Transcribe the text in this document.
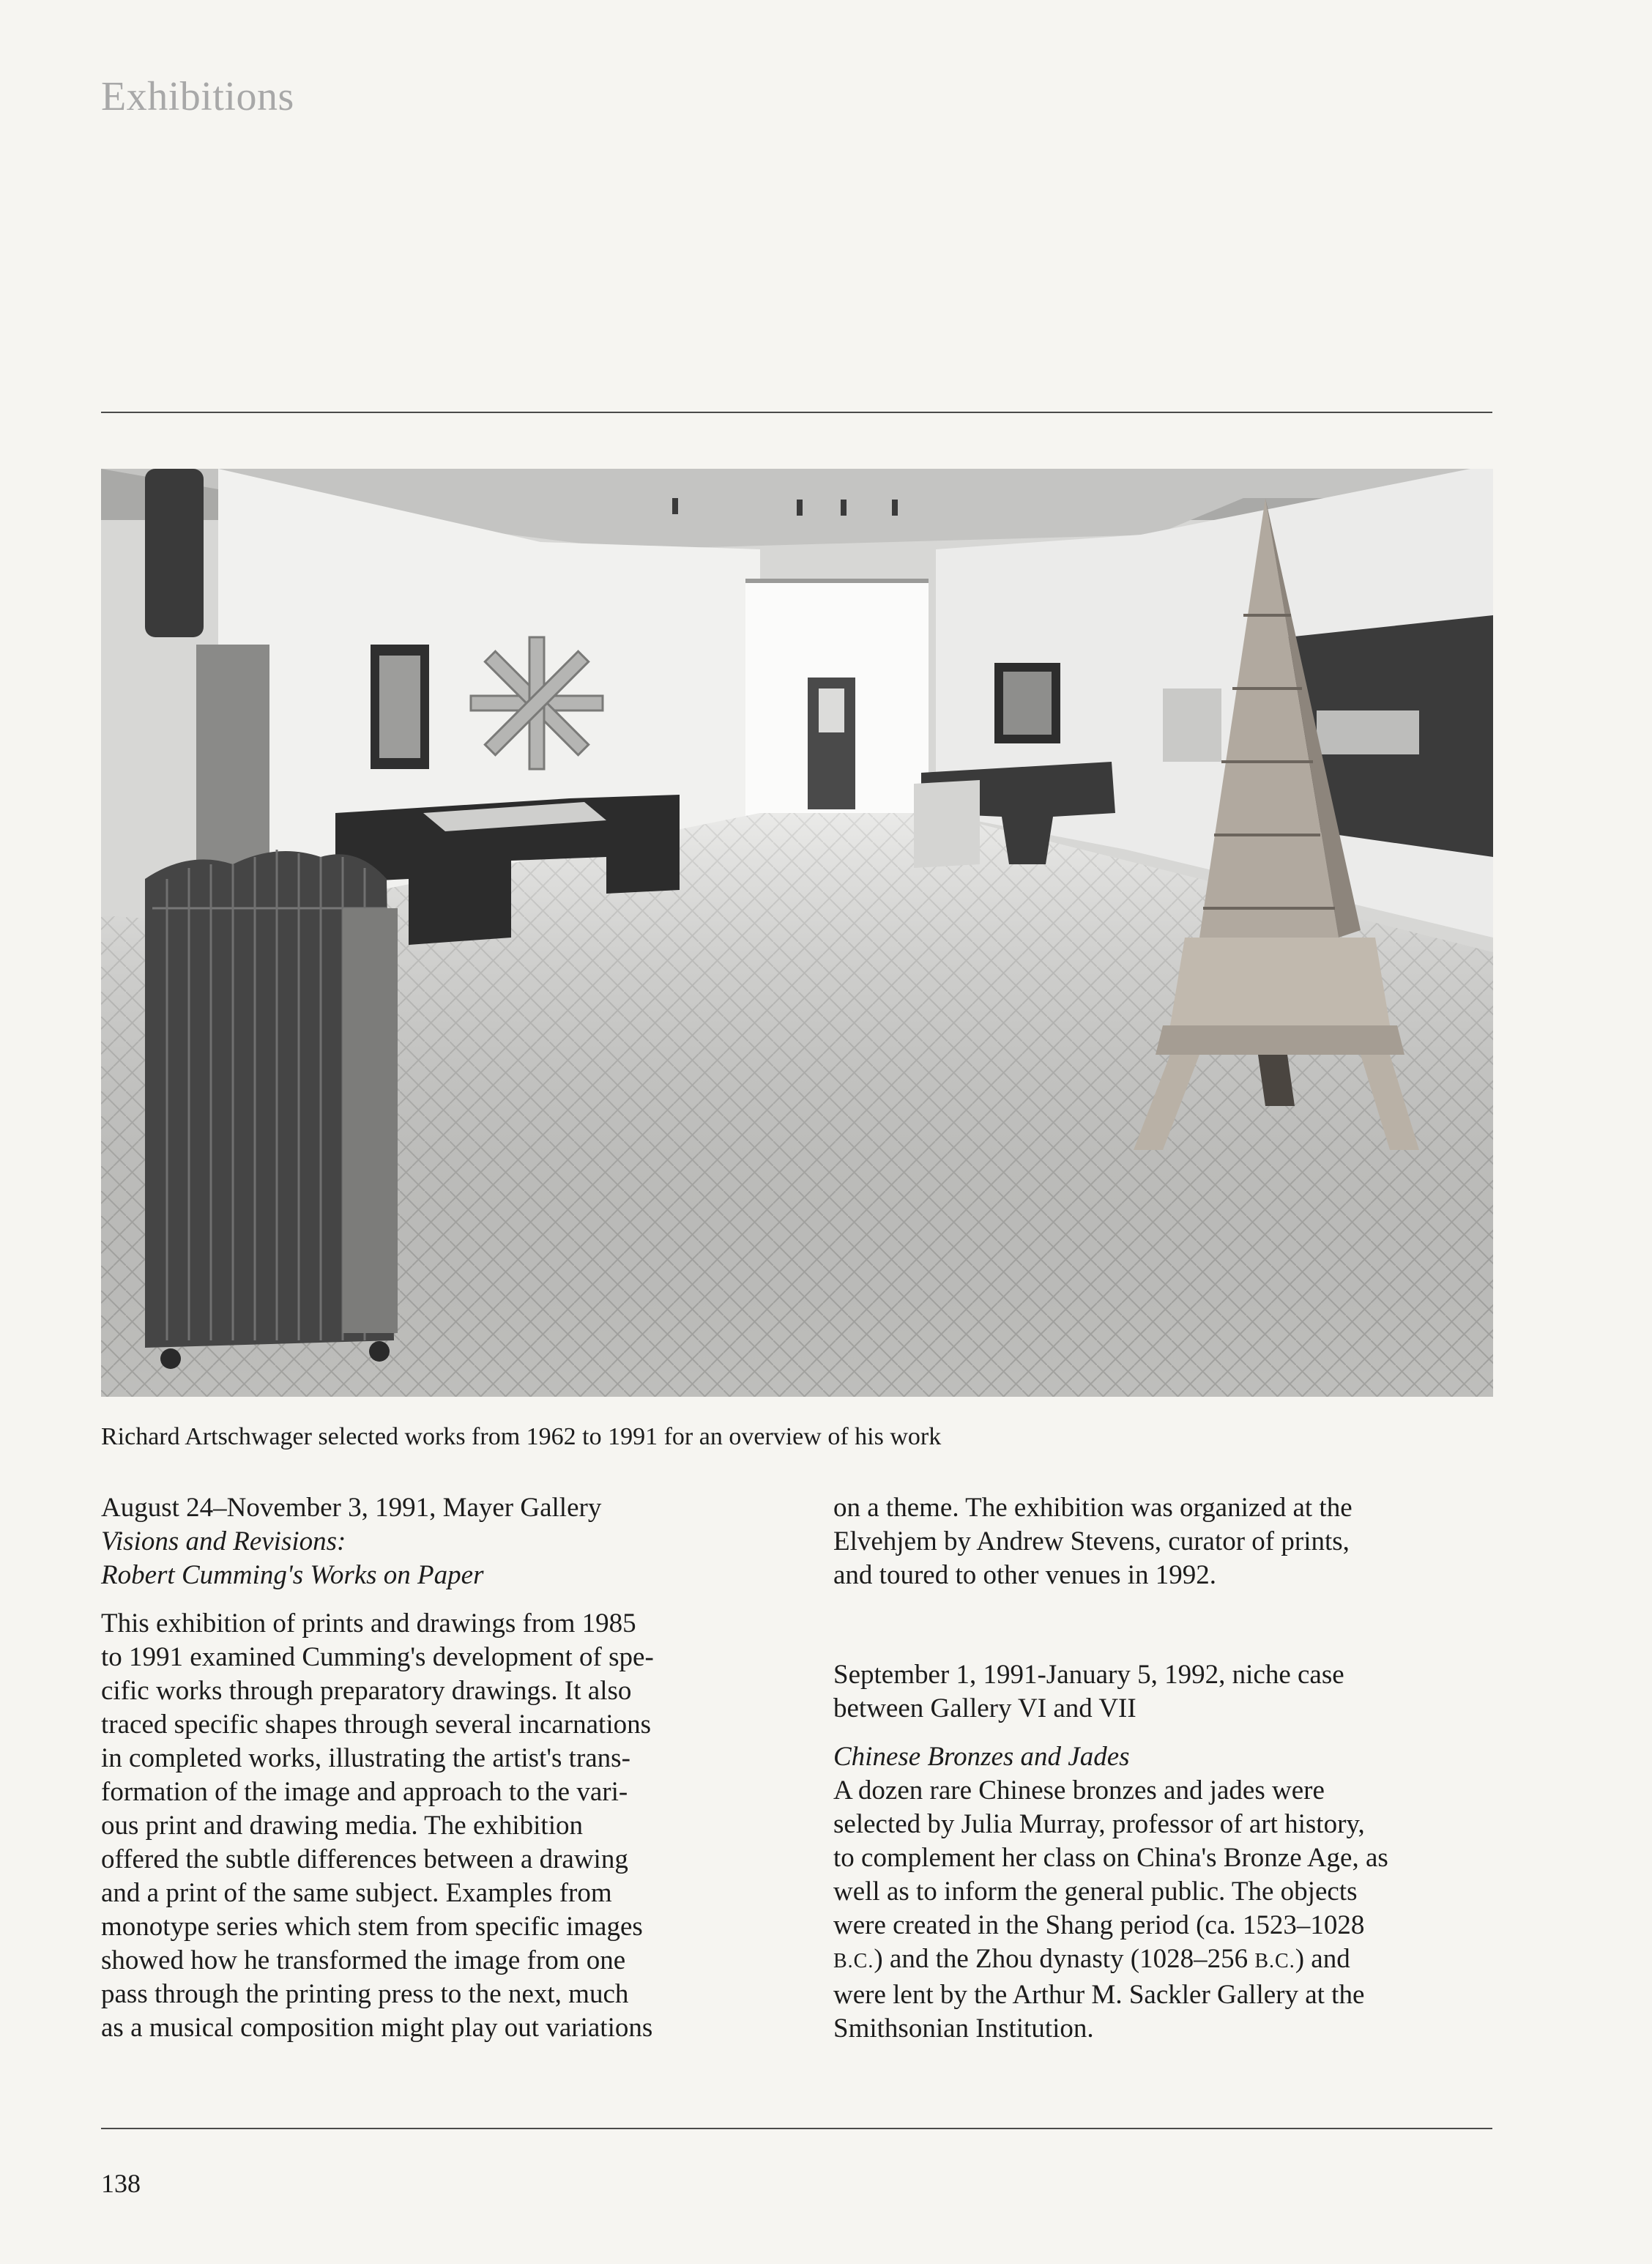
Exhibitions
Richard Artschwager selected works from 1962 to 1991 for an overview of his work

August 24–November 3, 1991, Mayer Gallery

Visions and Revisions:

Robert Cumming's Works on Paper

This exhibition of prints and drawings from 1985

to 1991 examined Cumming's development of spe-

cific works through preparatory drawings. It also

traced specific shapes through several incarnations

in completed works, illustrating the artist's trans-

formation of the image and approach to the vari-

ous print and drawing media. The exhibition

offered the subtle differences between a drawing

and a print of the same subject. Examples from

monotype series which stem from specific images

showed how he transformed the image from one

pass through the printing press to the next, much

as a musical composition might play out variations

on a theme. The exhibition was organized at the

Elvehjem by Andrew Stevens, curator of prints,

and toured to other venues in 1992.

September 1, 1991-January 5, 1992, niche case

between Gallery VI and VII

Chinese Bronzes and Jades

A dozen rare Chinese bronzes and jades were

selected by Julia Murray, professor of art history,

to complement her class on China's Bronze Age, as

well as to inform the general public. The objects

were created in the Shang period (ca. 1523–1028

B.C.) and the Zhou dynasty (1028–256 B.C.) and

were lent by the Arthur M. Sackler Gallery at the

Smithsonian Institution.

138
